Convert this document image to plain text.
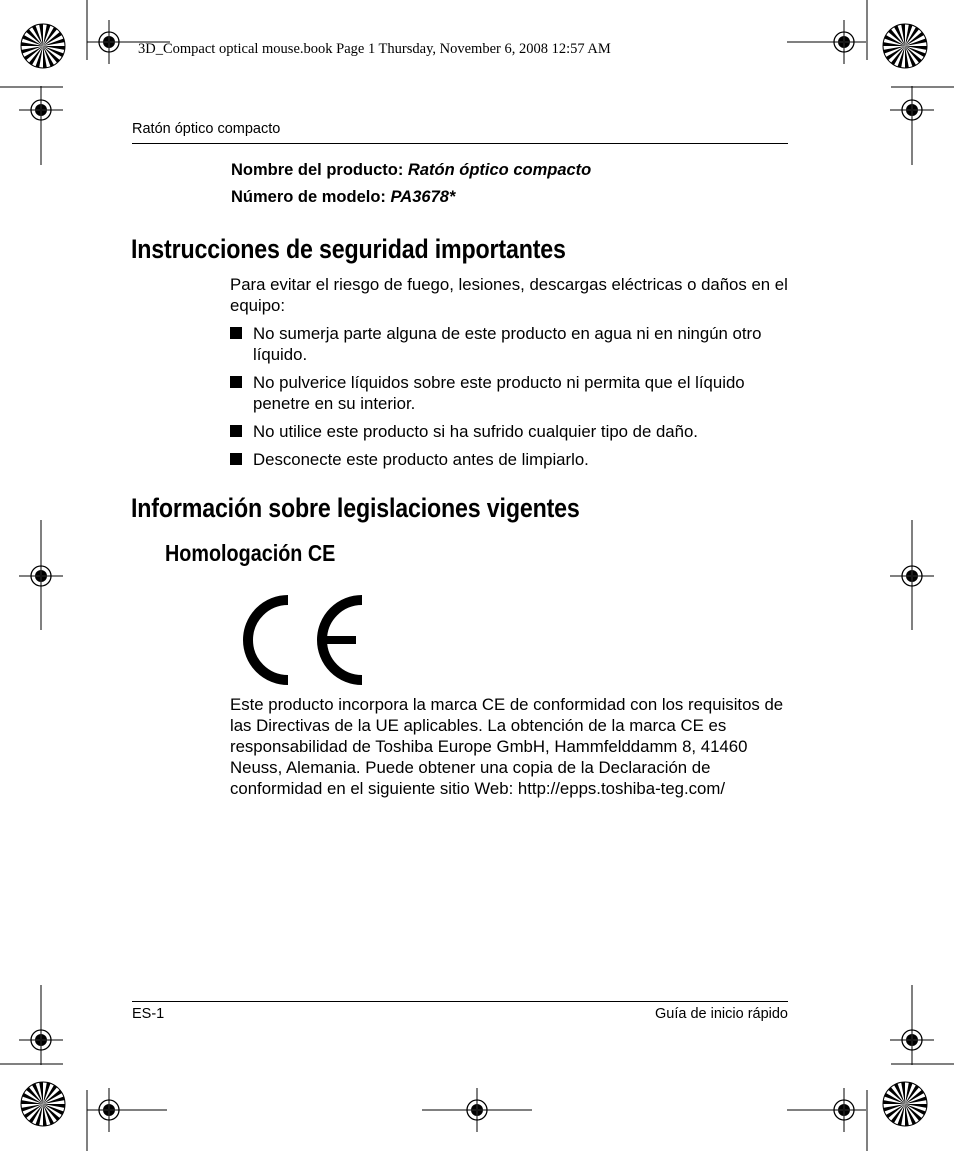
3D_Compact optical mouse.book Page 1 Thursday, November 6, 2008 12:57 AM
Ratón óptico compacto
Nombre del producto: Ratón óptico compacto
Número de modelo: PA3678*
Instrucciones de seguridad importantes
Para evitar el riesgo de fuego, lesiones, descargas eléctricas o daños en el equipo:
No sumerja parte alguna de este producto en agua ni en ningún otro líquido.
No pulverice líquidos sobre este producto ni permita que el líquido penetre en su interior.
No utilice este producto si ha sufrido cualquier tipo de daño.
Desconecte este producto antes de limpiarlo.
Información sobre legislaciones vigentes
Homologación CE
Este producto incorpora la marca CE de conformidad con los requisitos de las Directivas de la UE aplicables. La obtención de la marca CE es responsabilidad de Toshiba Europe GmbH, Hammfelddamm 8, 41460 Neuss, Alemania. Puede obtener una copia de la Declaración de conformidad en el siguiente sitio Web: http://epps.toshiba-teg.com/
ES-1	Guía de inicio rápido
